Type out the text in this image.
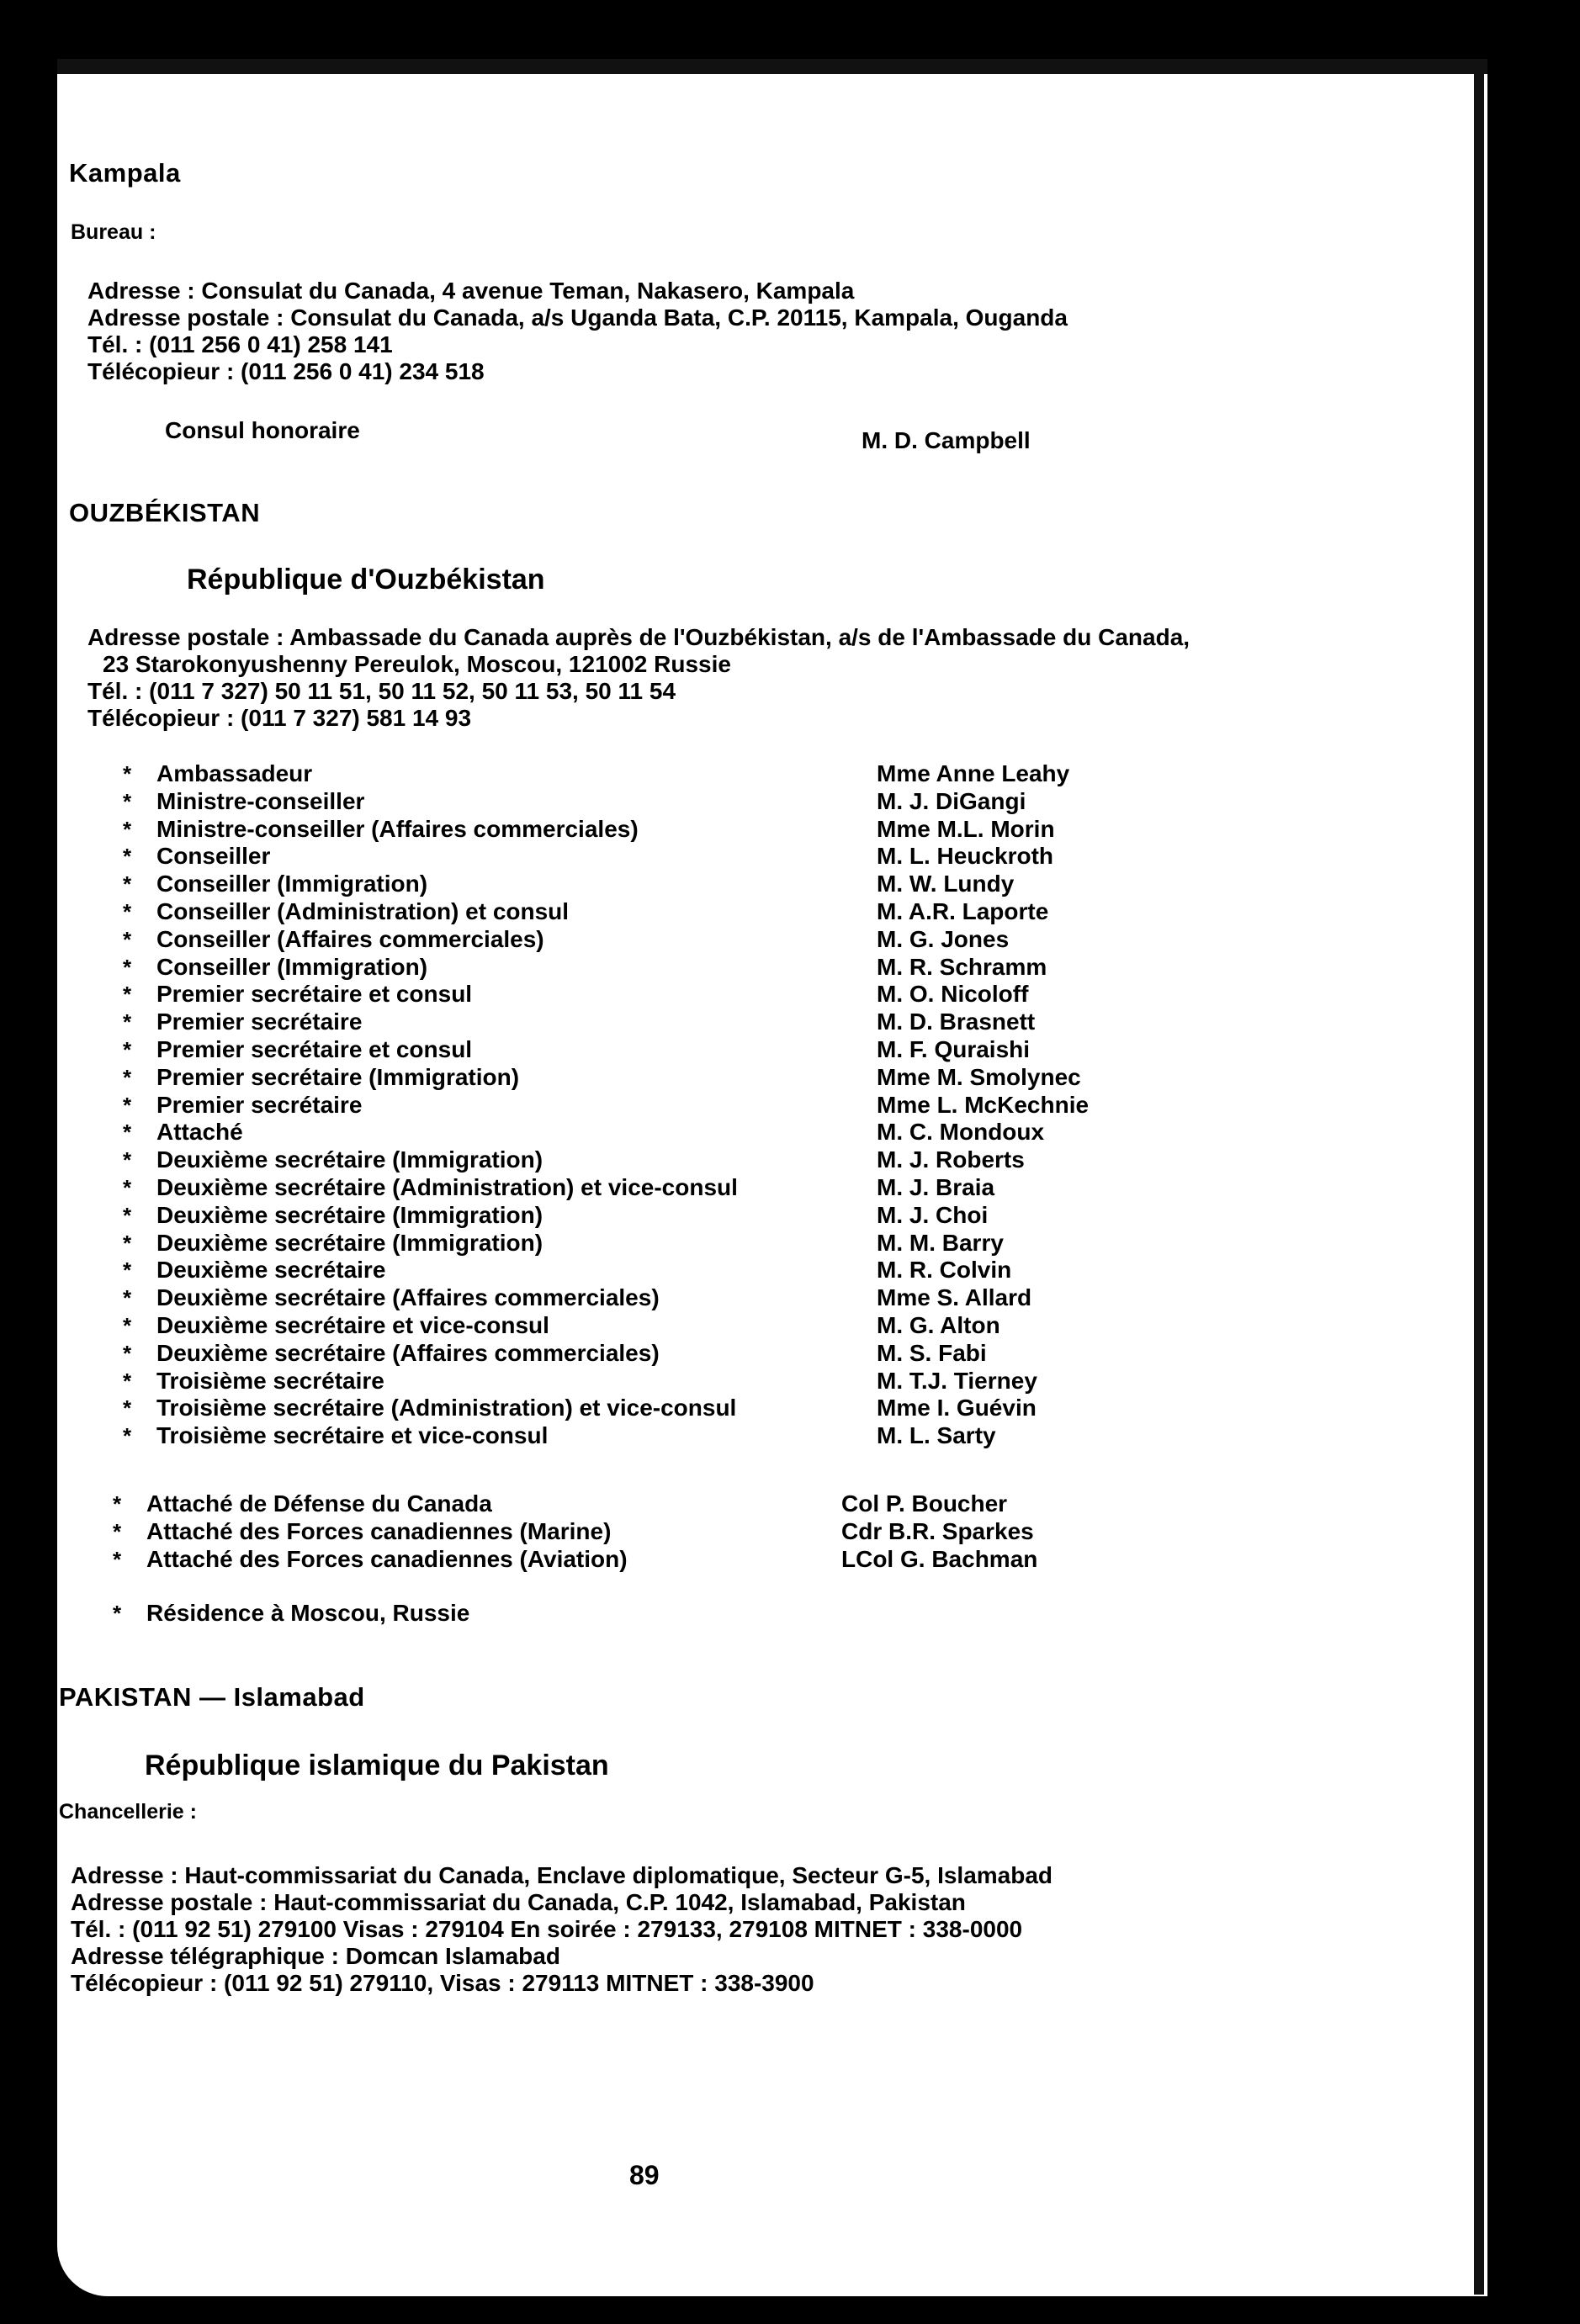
Kampala
Bureau :
Adresse : Consulat du Canada, 4 avenue Teman, Nakasero, Kampala
Adresse postale : Consulat du Canada, a/s Uganda Bata, C.P. 20115, Kampala, Ouganda
Tél. : (011 256 0 41) 258 141
Télécopieur : (011 256 0 41) 234 518
Consul honoraire	M. D. Campbell
OUZBÉKISTAN
République d'Ouzbékistan
Adresse postale : Ambassade du Canada auprès de l'Ouzbékistan, a/s de l'Ambassade du Canada,
23 Starokonyushenny Pereulok, Moscou, 121002 Russie
Tél. : (011 7 327) 50 11 51, 50 11 52, 50 11 53, 50 11 54
Télécopieur : (011 7 327) 581 14 93
*	Ambassadeur	Mme Anne Leahy
*	Ministre-conseiller	M. J. DiGangi
*	Ministre-conseiller (Affaires commerciales)	Mme M.L. Morin
*	Conseiller	M. L. Heuckroth
*	Conseiller (Immigration)	M. W. Lundy
*	Conseiller (Administration) et consul	M. A.R. Laporte
*	Conseiller (Affaires commerciales)	M. G. Jones
*	Conseiller (Immigration)	M. R. Schramm
*	Premier secrétaire et consul	M. O. Nicoloff
*	Premier secrétaire	M. D. Brasnett
*	Premier secrétaire et consul	M. F. Quraishi
*	Premier secrétaire (Immigration)	Mme M. Smolynec
*	Premier secrétaire	Mme L. McKechnie
*	Attaché	M. C. Mondoux
*	Deuxième secrétaire (Immigration)	M. J. Roberts
*	Deuxième secrétaire (Administration) et vice-consul	M. J. Braia
*	Deuxième secrétaire (Immigration)	M. J. Choi
*	Deuxième secrétaire (Immigration)	M. M. Barry
*	Deuxième secrétaire	M. R. Colvin
*	Deuxième secrétaire (Affaires commerciales)	Mme S. Allard
*	Deuxième secrétaire et vice-consul	M. G. Alton
*	Deuxième secrétaire (Affaires commerciales)	M. S. Fabi
*	Troisième secrétaire	M. T.J. Tierney
*	Troisième secrétaire (Administration) et vice-consul	Mme I. Guévin
*	Troisième secrétaire et vice-consul	M. L. Sarty
*	Attaché de Défense du Canada	Col P. Boucher
*	Attaché des Forces canadiennes (Marine)	Cdr B.R. Sparkes
*	Attaché des Forces canadiennes (Aviation)	LCol G. Bachman
*	Résidence à Moscou, Russie
PAKISTAN — Islamabad
République islamique du Pakistan
Chancellerie :
Adresse : Haut-commissariat du Canada, Enclave diplomatique, Secteur G-5, Islamabad
Adresse postale : Haut-commissariat du Canada, C.P. 1042, Islamabad, Pakistan
Tél. : (011 92 51) 279100 Visas : 279104 En soirée : 279133, 279108 MITNET : 338-0000
Adresse télégraphique : Domcan Islamabad
Télécopieur : (011 92 51) 279110, Visas : 279113 MITNET : 338-3900
89
